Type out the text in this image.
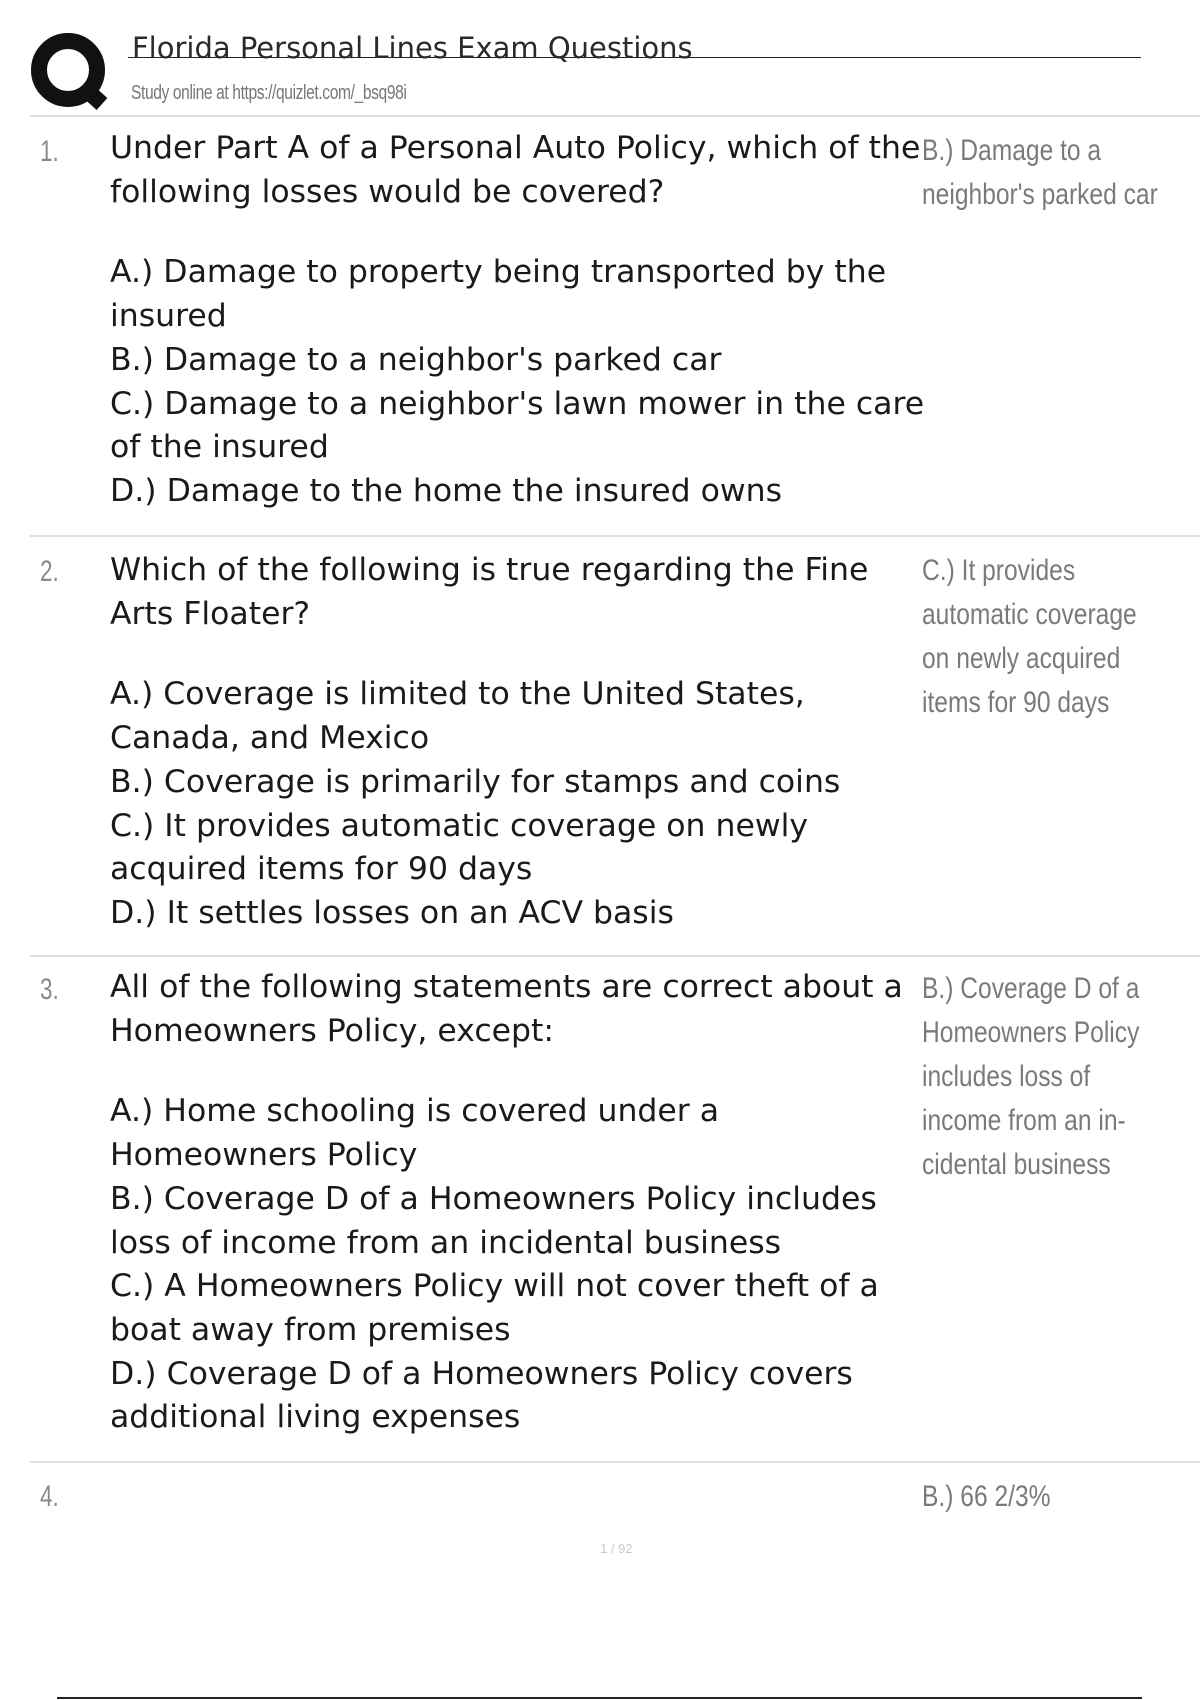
Florida Personal Lines Exam Questions
Study online at https://quizlet.com/_bsq98i
1. Under Part A of a Personal Auto Policy, which of the following losses would be covered?

A.) Damage to property being transported by the insured

B.) Damage to a neighbor's parked car

C.) Damage to a neighbor's lawn mower in the care of the insured

D.) Damage to the home the insured owns

B.) Damage to a neighbor's parked car
2. Which of the following is true regarding the Fine Arts Floater?

A.) Coverage is limited to the United States, Canada, and Mexico

B.) Coverage is primarily for stamps and coins

C.) It provides automatic coverage on newly acquired items for 90 days

D.) It settles losses on an ACV basis

C.) It provides automatic coverage on newly acquired items for 90 days
3. All of the following statements are correct about a Homeowners Policy, except:

A.) Home schooling is covered under a Homeowners Policy

B.) Coverage D of a Homeowners Policy includes loss of income from an incidental business

C.) A Homeowners Policy will not cover theft of a boat away from premises

D.) Coverage D of a Homeowners Policy covers additional living expenses

B.) Coverage D of a Homeowners Policy includes loss of income from an incidental business
4.	B.) 66 2/3%
1 / 92
